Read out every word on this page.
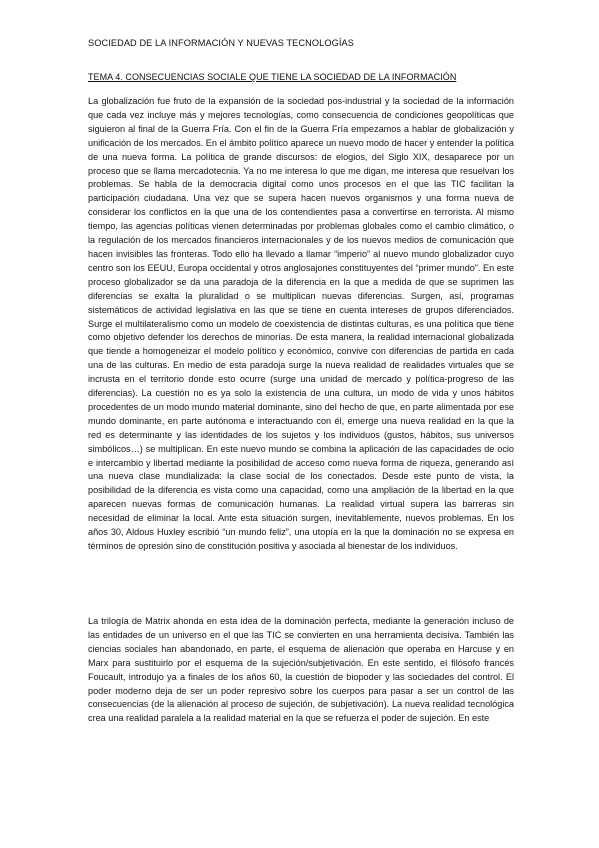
SOCIEDAD DE LA INFORMACIÓN Y NUEVAS TECNOLOGÍAS
TEMA 4. CONSECUENCIAS SOCIALE QUE TIENE LA SOCIEDAD DE LA INFORMACIÓN

La globalización fue fruto de la expansión de la sociedad pos-industrial y la sociedad de la información que cada vez incluye más y mejores tecnologías, como consecuencia de condiciones geopolíticas que siguieron al final de la Guerra Fría. Con el fin de la Guerra Fría empezamos a hablar de globalización y unificación de los mercados. En el ámbito político aparece un nuevo modo de hacer y entender la política de una nueva forma. La política de grande discursos: de elogios, del Siglo XIX, desaparece por un proceso que se llama mercadotecnia. Ya no me interesa lo que me digan, me interesa que resuelvan los problemas. Se habla de la democracia digital como unos procesos en el que las TIC facilitan la participación ciudadana. Una vez que se supera hacen nuevos organismos y una forma nueva de considerar los conflictos en la que una de los contendientes pasa a convertirse en terrorista. Al mismo tiempo, las agencias políticas vienen determinadas por problemas globales como el cambio climático, o la regulación de los mercados financieros internacionales y de los nuevos medios de comunicación que hacen invisibles las fronteras. Todo ello ha llevado a llamar “imperio” al nuevo mundo globalizador cuyo centro son los EEUU, Europa occidental y otros anglosajones constituyentes del “primer mundo”. En este proceso globalizador se da una paradoja de la diferencia en la que a medida de que se suprimen las diferencias se exalta la pluralidad o se multiplican nuevas diferencias. Surgen, así, programas sistemáticos de actividad legislativa en las que se tiene en cuenta intereses de grupos diferenciados. Surge el multilateralismo como un modelo de coexistencia de distintas culturas, es una política que tiene como objetivo defender los derechos de minorías. De esta manera, la realidad internacional globalizada que tiende a homogeneizar el modelo político y económico, convive con diferencias de partida en cada una de las culturas. En medio de esta paradoja surge la nueva realidad de realidades virtuales que se incrusta en el territorio donde esto ocurre (surge una unidad de mercado y política-progreso de las diferencias). La cuestión no es ya solo la existencia de una cultura, un modo de vida y unos hábitos procedentes de un modo mundo material dominante, sino del hecho de que, en parte alimentada por ese mundo dominante, en parte autónoma e interactuando con él, emerge una nueva realidad en la que la red es determinante y las identidades de los sujetos y los individuos (gustos, hábitos, sus universos simbólicos…) se multiplican. En este nuevo mundo se combina la aplicación de las capacidades de ocio e intercambio y libertad mediante la posibilidad de acceso como nueva forma de riqueza, generando así una nueva clase mundializada: la clase social de los conectados. Desde este punto de vista, la posibilidad de la diferencia es vista como una capacidad, como una ampliación de la libertad en la que aparecen nuevas formas de comunicación humanas. La realidad virtual supera las barreras sin necesidad de eliminar la local. Ante esta situación surgen, inevitablemente, nuevos problemas. En los años 30, Aldous Huxley escribió “un mundo feliz”, una utopía en la que la dominación no se expresa en términos de opresión sino de constitución positiva y asociada al bienestar de los individuos.

La trilogía de Matrix ahonda en esta idea de la dominación perfecta, mediante la generación incluso de las entidades de un universo en el que las TIC se convierten en una herramienta decisiva. También las ciencias sociales han abandonado, en parte, el esquema de alienación que operaba en Harcuse y en Marx para sustituirlo por el esquema de la sujeción/subjetivación. En este sentido, el filósofo francés Foucault, introdujo ya a finales de los años 60, la cuestión de biopoder y las sociedades del control. El poder moderno deja de ser un poder represivo sobre los cuerpos para pasar a ser un control de las consecuencias (de la alienación al proceso de sujeción, de subjetivación). La nueva realidad tecnológica crea una realidad paralela a la realidad material en la que se refuerza el poder de sujeción. En este
